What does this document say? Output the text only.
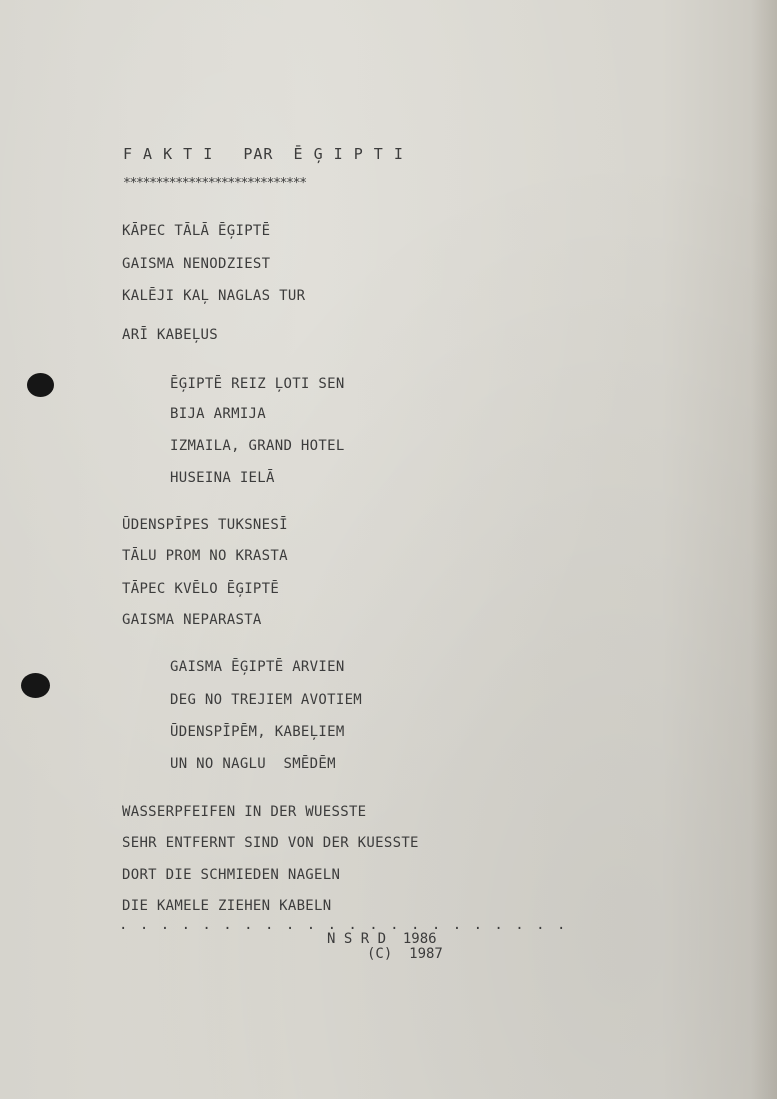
F A K T I   PAR  Ē Ģ I P T I
****************************
KĀPEC TĀLĀ ĒĢIPTĒ
GAISMA NENODZIEST
KALĒJI KAĻ NAGLAS TUR
ARĪ KABEĻUS
ĒĢIPTĒ REIZ ĻOTI SEN
BIJA ARMIJA
IZMAILA, GRAND HOTEL
HUSEINA IELĀ
ŪDENSPĪPES TUKSNESĪ
TĀLU PROM NO KRASTA
TĀPEC KVĒLO ĒĢIPTĒ
GAISMA NEPARASTA
GAISMA ĒĢIPTĒ ARVIEN
DEG NO TREJIEM AVOTIEM
ŪDENSPĪPĒM, KABEĻIEM
UN NO NAGLU  SMĒDĒM
WASSERPFEIFEN IN DER WUESSTE
SEHR ENTFERNT SIND VON DER KUESSTE
DORT DIE SCHMIEDEN NAGELN
DIE KAMELE ZIEHEN KABELN
. . . . . . . . . . . . . . . . . . . . . .
N S R D  1986
(C)  1987
